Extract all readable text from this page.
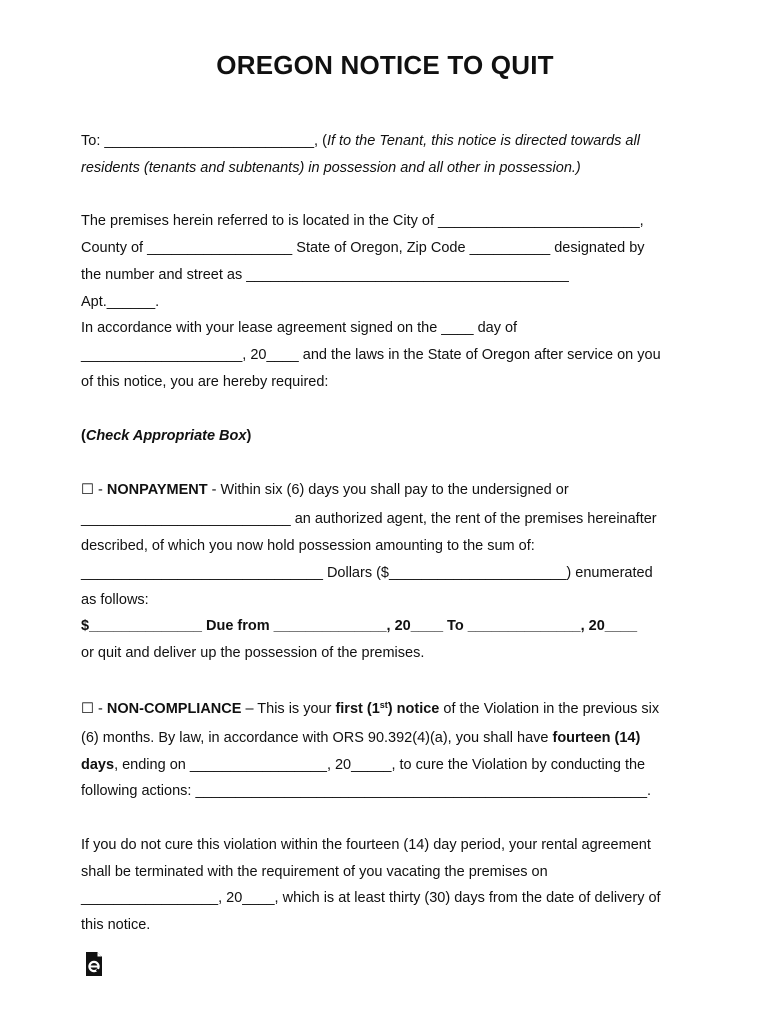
OREGON NOTICE TO QUIT
To: __________________________, (If to the Tenant, this notice is directed towards all
residents (tenants and subtenants) in possession and all other in possession.)
The premises herein referred to is located in the City of _________________________,
County of __________________ State of Oregon, Zip Code __________ designated by
the number and street as ________________________________________
Apt.______.
In accordance with your lease agreement signed on the ____ day of
____________________, 20____ and the laws in the State of Oregon after service on you
of this notice, you are hereby required:
(Check Appropriate Box)
☐ - NONPAYMENT - Within six (6) days you shall pay to the undersigned or
__________________________ an authorized agent, the rent of the premises hereinafter
described, of which you now hold possession amounting to the sum of:
______________________________ Dollars ($______________________) enumerated
as follows:
$______________ Due from ______________, 20____ To ______________, 20____
or quit and deliver up the possession of the premises.
☐ - NON-COMPLIANCE – This is your first (1st) notice of the Violation in the previous six
(6) months. By law, in accordance with ORS 90.392(4)(a), you shall have fourteen (14)
days, ending on _________________, 20_____, to cure the Violation by conducting the
following actions: ________________________________________________________.
If you do not cure this violation within the fourteen (14) day period, your rental agreement
shall be terminated with the requirement of you vacating the premises on
_________________, 20____, which is at least thirty (30) days from the date of delivery of
this notice.
